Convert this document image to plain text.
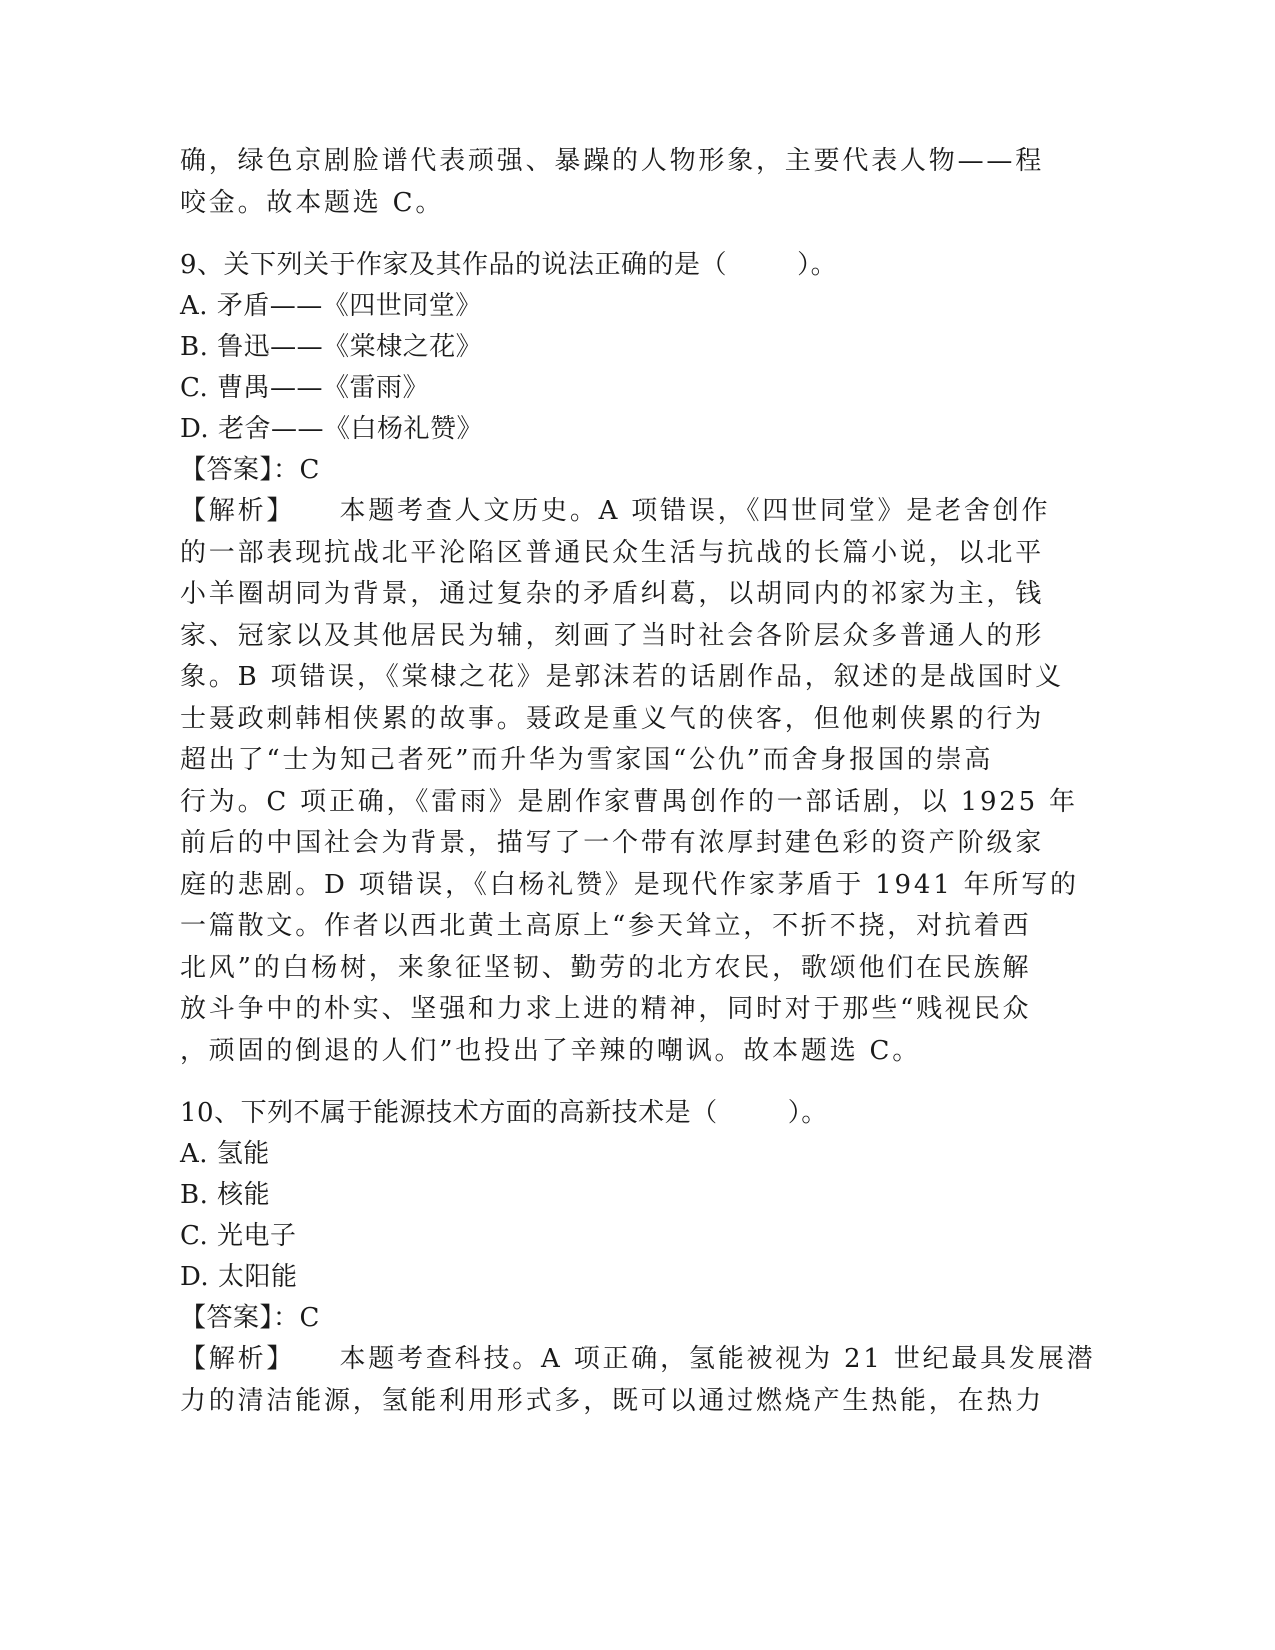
确，绿色京剧脸谱代表顽强、暴躁的人物形象，主要代表人物——程
咬金。故本题选 C。
9、关下列关于作家及其作品的说法正确的是（        ）。
A. 矛盾——《四世同堂》
B. 鲁迅——《棠棣之花》
C. 曹禺——《雷雨》
D. 老舍——《白杨礼赞》
【答案】：C
【解析】    本题考查人文历史。A 项错误，《四世同堂》是老舍创作
的一部表现抗战北平沦陷区普通民众生活与抗战的长篇小说，以北平
小羊圈胡同为背景，通过复杂的矛盾纠葛，以胡同内的祁家为主，钱
家、冠家以及其他居民为辅，刻画了当时社会各阶层众多普通人的形
象。B 项错误，《棠棣之花》是郭沫若的话剧作品，叙述的是战国时义
士聂政刺韩相侠累的故事。聂政是重义气的侠客，但他刺侠累的行为
超出了“士为知己者死”而升华为雪家国“公仇”而舍身报国的崇高
行为。C 项正确，《雷雨》是剧作家曹禺创作的一部话剧，以 1925 年
前后的中国社会为背景，描写了一个带有浓厚封建色彩的资产阶级家
庭的悲剧。D 项错误，《白杨礼赞》是现代作家茅盾于 1941 年所写的
一篇散文。作者以西北黄土高原上“参天耸立，不折不挠，对抗着西
北风”的白杨树，来象征坚韧、勤劳的北方农民，歌颂他们在民族解
放斗争中的朴实、坚强和力求上进的精神，同时对于那些“贱视民众
，顽固的倒退的人们”也投出了辛辣的嘲讽。故本题选 C。
10、下列不属于能源技术方面的高新技术是（        ）。
A. 氢能
B. 核能
C. 光电子
D. 太阳能
【答案】：C
【解析】    本题考查科技。A 项正确，氢能被视为 21 世纪最具发展潜
力的清洁能源，氢能利用形式多，既可以通过燃烧产生热能，在热力
